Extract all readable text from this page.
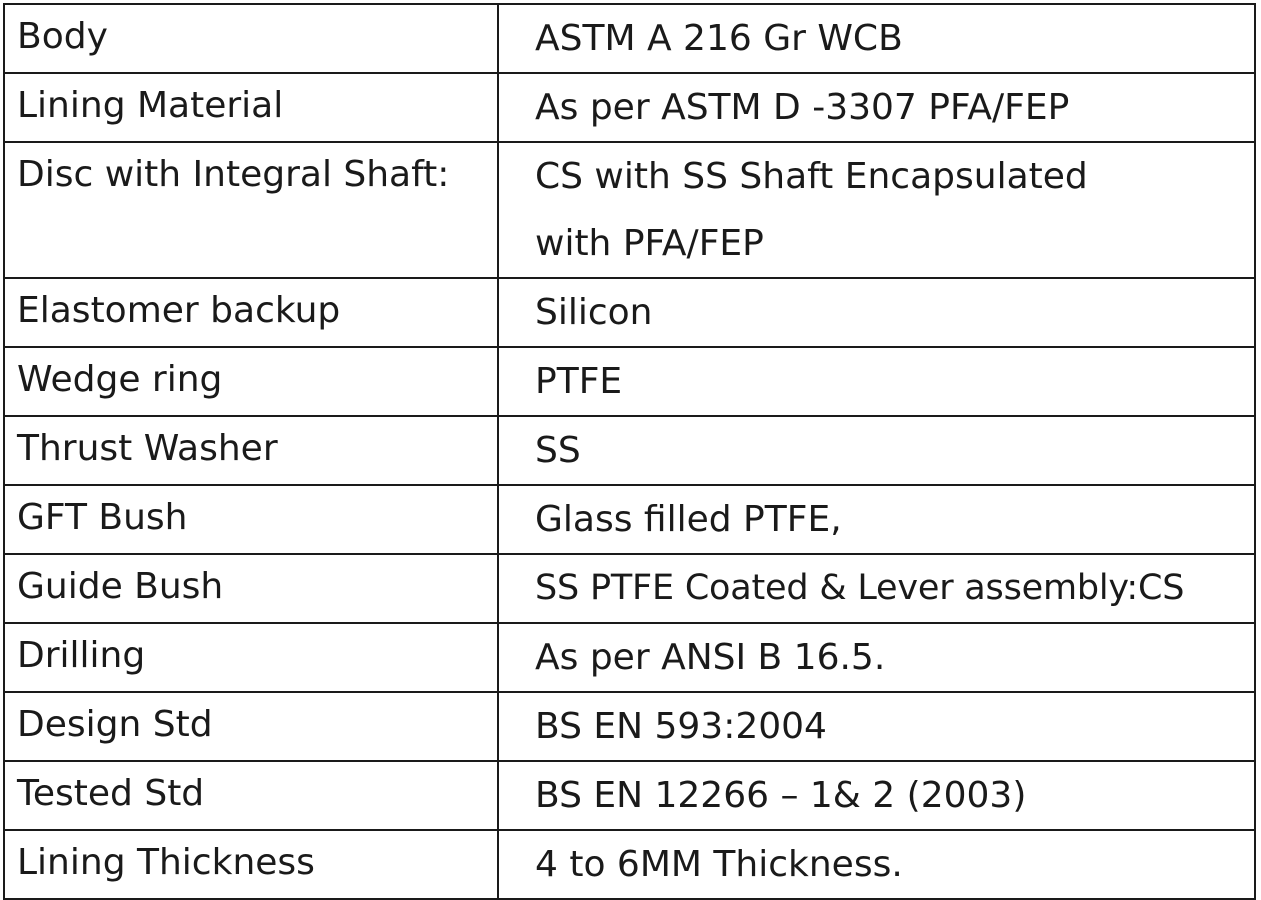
Body	ASTM A 216 Gr WCB

Lining Material	As per ASTM D -3307 PFA/FEP

Disc with Integral Shaft:	CS with SS Shaft Encapsulated
with PFA/FEP

Elastomer backup	Silicon

Wedge ring	PTFE

Thrust Washer	SS

GFT Bush	Glass filled PTFE,

Guide Bush	SS PTFE Coated & Lever assembly:CS

Drilling	As per ANSI B 16.5.

Design Std	BS EN 593:2004

Tested Std	BS EN 12266 – 1& 2 (2003)

Lining Thickness	4 to 6MM Thickness.
